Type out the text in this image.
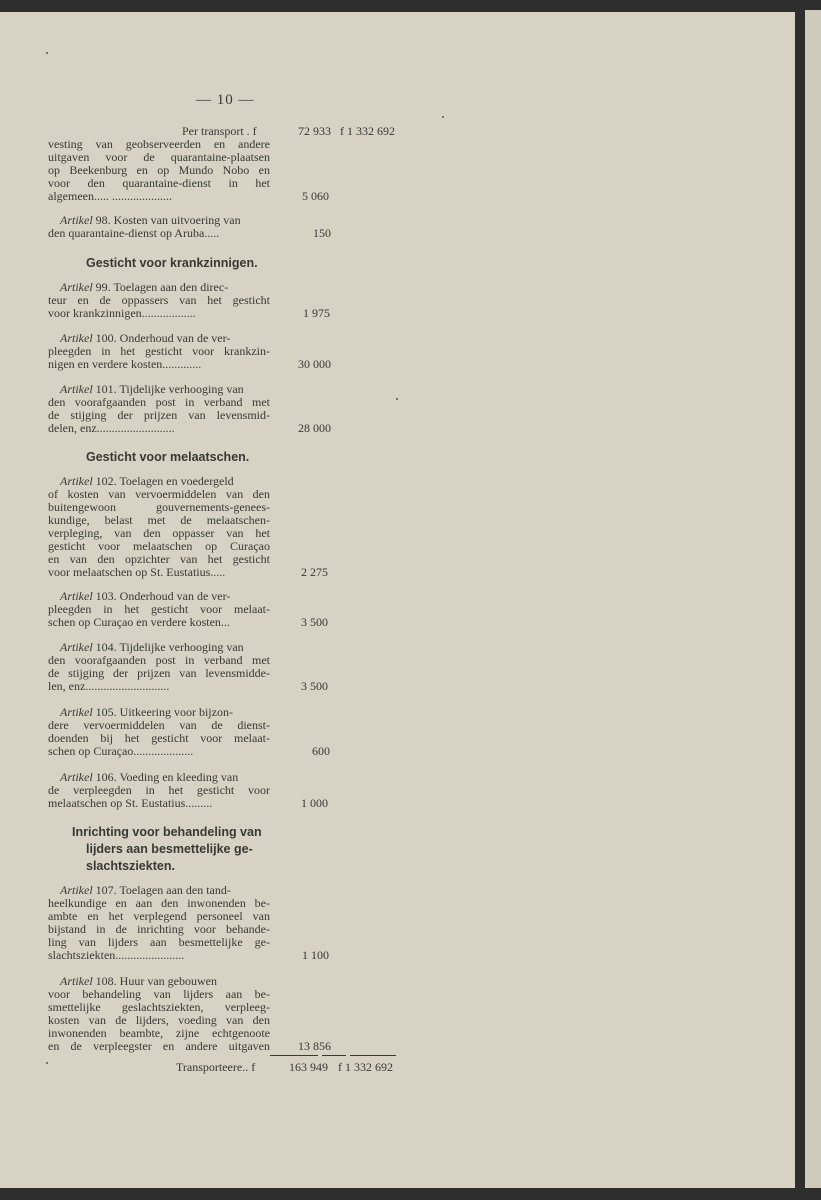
— 10 —
Per transport . f	72 933 f 1 332 692
vesting van geobserveerden en andere
uitgaven voor de quarantaine-plaatsen
op Beekenburg en op Mundo Nobo en
voor den quarantaine-dienst in het
algemeen..... ....................	5 060
Artikel 98. Kosten van uitvoering van
den quarantaine-dienst op Aruba.....	150
Gesticht voor krankzinnigen.
Artikel 99. Toelagen aan den direc-
teur en de oppassers van het gesticht
voor krankzinnigen..................	1 975
Artikel 100. Onderhoud van de ver-
pleegden in het gesticht voor krankzin-
nigen en verdere kosten.............	30 000
Artikel 101. Tijdelijke verhooging van
den voorafgaanden post in verband met
de stijging der prijzen van levensmid-
delen, enz..........................	28 000
Gesticht voor melaatschen.
Artikel 102. Toelagen en voedergeld
of kosten van vervoermiddelen van den
buitengewoon gouvernements-genees-
kundige, belast met de melaatschen-
verpleging, van den oppasser van het
gesticht voor melaatschen op Curaçao
en van den opzichter van het gesticht
voor melaatschen op St. Eustatius.....	2 275
Artikel 103. Onderhoud van de ver-
pleegden in het gesticht voor melaat-
schen op Curaçao en verdere kosten...	3 500
Artikel 104. Tijdelijke verhooging van
den voorafgaanden post in verband met
de stijging der prijzen van levensmidde-
len, enz............................	3 500
Artikel 105. Uitkeering voor bijzon-
dere vervoermiddelen van de dienst-
doenden bij het gesticht voor melaat-
schen op Curaçao....................	600
Artikel 106. Voeding en kleeding van
de verpleegden in het gesticht voor
melaatschen op St. Eustatius.........	1 000
Inrichting voor behandeling van
lijders aan besmettelijke ge-
slachtsziekten.
Artikel 107. Toelagen aan den tand-
heelkundige en aan den inwonenden be-
ambte en het verplegend personeel van
bijstand in de inrichting voor behande-
ling van lijders aan besmettelijke ge-
slachtsziekten.......................	1 100
Artikel 108. Huur van gebouwen
voor behandeling van lijders aan be-
smettelijke geslachtsziekten, verpleeg-
kosten van de lijders, voeding van den
inwonenden beambte, zijne echtgenoote
en de verpleegster en andere uitgaven 13 856
Transporteere.. f	163 949 f 1 332 692
